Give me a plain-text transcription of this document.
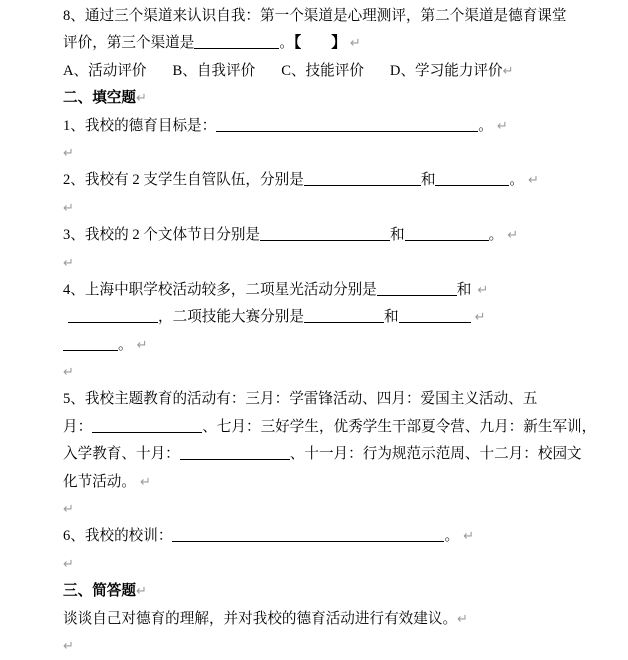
8、通过三个渠道来认识自我：第一个渠道是心理测评，第二个渠道是德育课堂
评价，第三个渠道是	。【 】 ↵
A、活动评价 B、自我评价 C、技能评价 D、学习能力评价↵
二、填空题↵
1、我校的德育目标是：	。 ↵
↵
2、我校有 2 支学生自管队伍，分别是	和	。 ↵
↵
3、我校的 2 个文体节日分别是	和	。 ↵
↵
4、上海中职学校活动较多，二项星光活动分别是	和 ↵
，二项技能大赛分别是	和	↵
。 ↵
↵
5、我校主题教育的活动有：三月：学雷锋活动、四月：爱国主义活动、五
月：	、七月：三好学生，优秀学生干部夏令营、九月：新生军训，
入学教育、十月：	、十一月：行为规范示范周、十二月：校园文
化节活动。 ↵
↵
6、我校的校训：	。 ↵
↵
三、简答题↵
谈谈自己对德育的理解，并对我校的德育活动进行有效建议。↵
↵
